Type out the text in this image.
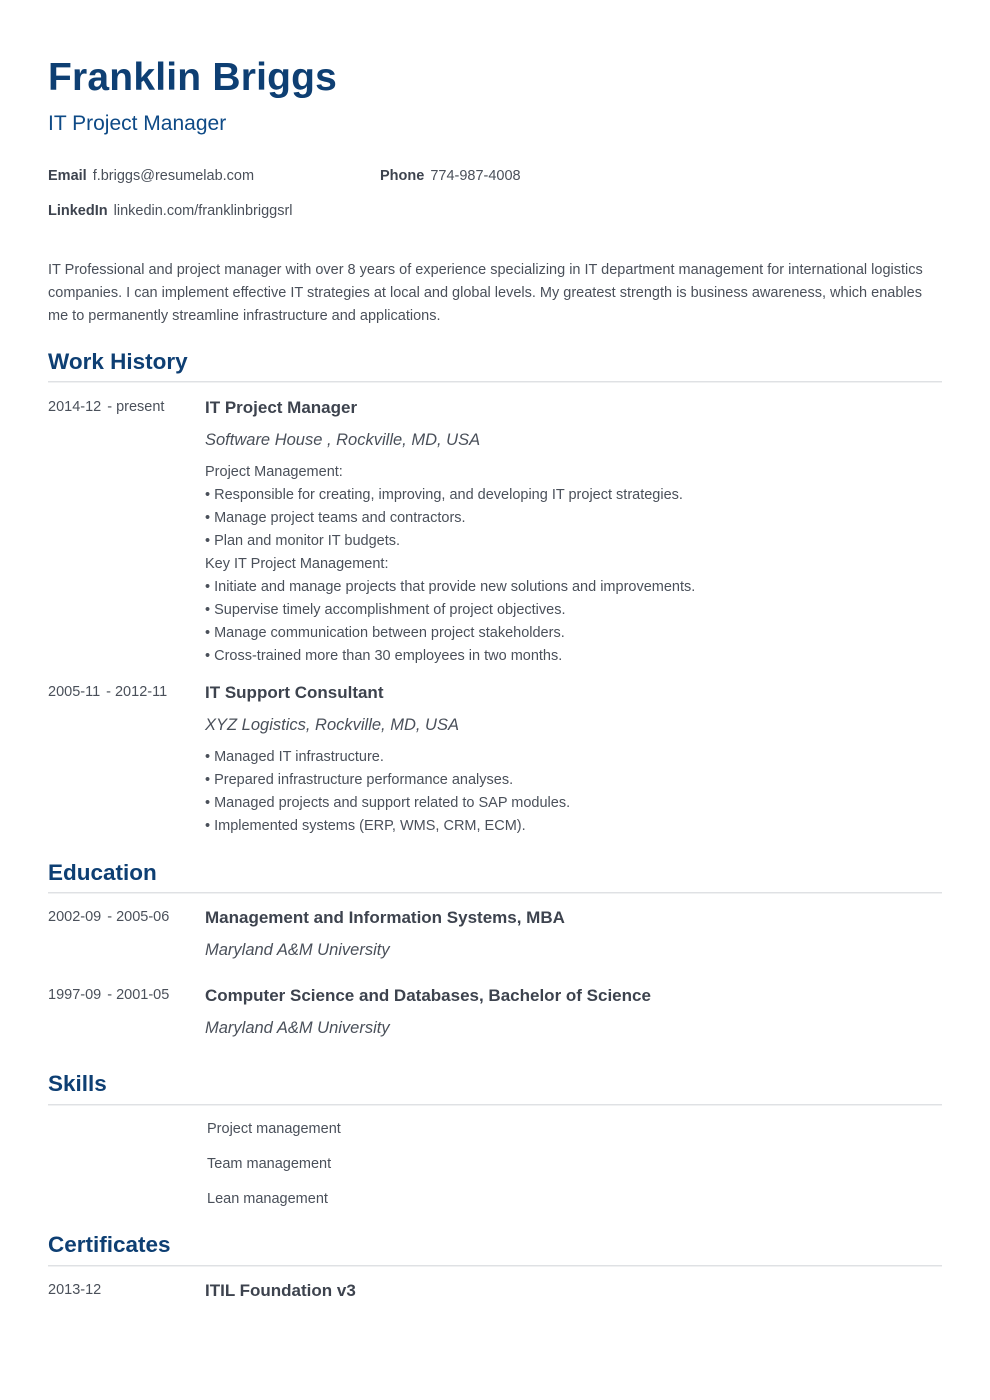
Franklin Briggs
IT Project Manager
Email f.briggs@resumelab.com	Phone 774-987-4008
LinkedIn linkedin.com/franklinbriggsrl
IT Professional and project manager with over 8 years of experience specializing in IT department management for international logistics companies. I can implement effective IT strategies at local and global levels. My greatest strength is business awareness, which enables me to permanently streamline infrastructure and applications.
Work History
2014-12 - present IT Project Manager
Software House , Rockville, MD, USA
Project Management:
• Responsible for creating, improving, and developing IT project strategies.
• Manage project teams and contractors.
• Plan and monitor IT budgets.
Key IT Project Management:
• Initiate and manage projects that provide new solutions and improvements.
• Supervise timely accomplishment of project objectives.
• Manage communication between project stakeholders.
• Cross-trained more than 30 employees in two months.
2005-11 - 2012-11 IT Support Consultant
XYZ Logistics, Rockville, MD, USA
• Managed IT infrastructure.
• Prepared infrastructure performance analyses.
• Managed projects and support related to SAP modules.
• Implemented systems (ERP, WMS, CRM, ECM).
Education
2002-09 - 2005-06 Management and Information Systems, MBA
Maryland A&M University
1997-09 - 2001-05 Computer Science and Databases, Bachelor of Science
Maryland A&M University
Skills
Project management
Team management
Lean management
Certificates
2013-12	ITIL Foundation v3
